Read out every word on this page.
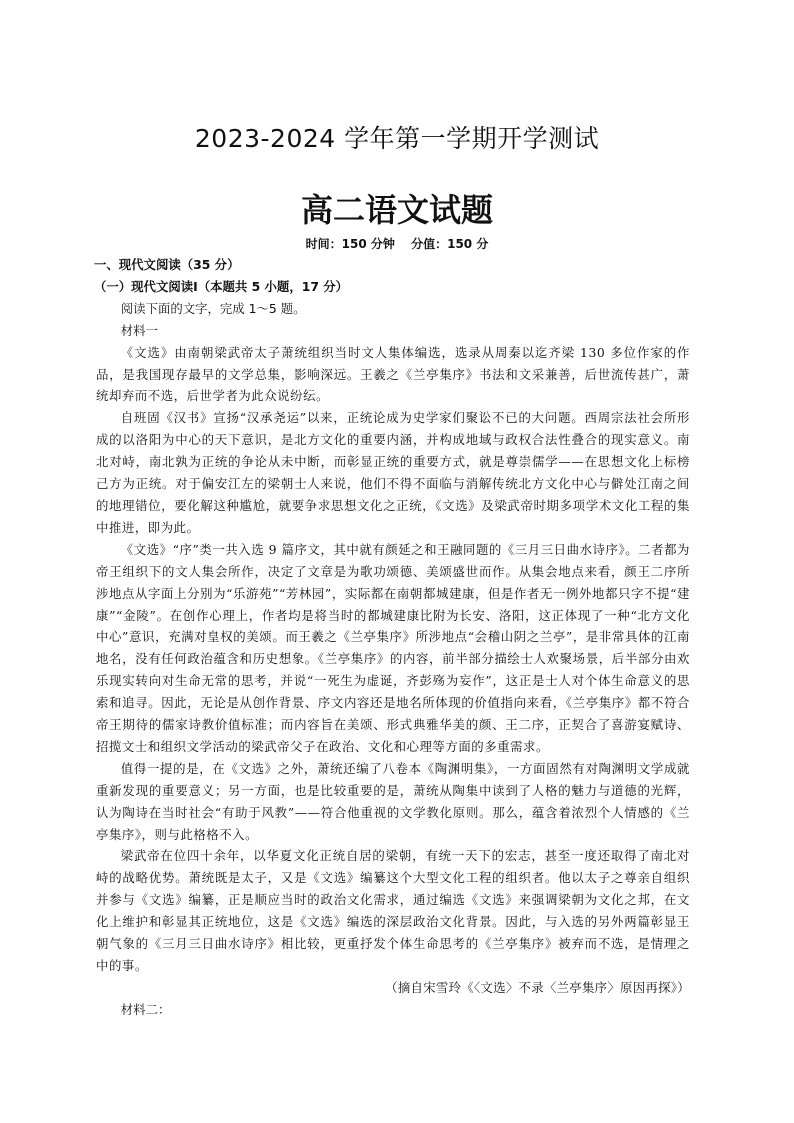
2023-2024 学年第一学期开学测试
高二语文试题
时间：150 分钟 分值：150 分

一、现代文阅读（35 分）

（一）现代文阅读Ⅰ（本题共 5 小题，17 分）

阅读下面的文字，完成 1～5 题。

材料一

《文选》由南朝梁武帝太子萧统组织当时文人集体编选，选录从周秦以迄齐梁 130 多位作家的作品，是我国现存最早的文学总集，影响深远。王羲之《兰亭集序》书法和文采兼善，后世流传甚广，萧统却弃而不选，后世学者为此众说纷纭。

自班固《汉书》宣扬“汉承尧运”以来，正统论成为史学家们聚讼不已的大问题。西周宗法社会所形成的以洛阳为中心的天下意识，是北方文化的重要内涵，并构成地域与政权合法性叠合的现实意义。南北对峙，南北孰为正统的争论从未中断，而彰显正统的重要方式，就是尊崇儒学——在思想文化上标榜己方为正统。对于偏安江左的梁朝士人来说，他们不得不面临与消解传统北方文化中心与僻处江南之间的地理错位，要化解这种尴尬，就要争求思想文化之正统，《文选》及梁武帝时期多项学术文化工程的集中推进，即为此。

《文选》“序”类一共入选 9 篇序文，其中就有颜延之和王融同题的《三月三日曲水诗序》。二者都为帝王组织下的文人集会所作，决定了文章是为歌功颂德、美颂盛世而作。从集会地点来看，颜王二序所涉地点从字面上分别为“乐游苑”“芳林园”，实际都在南朝都城建康，但是作者无一例外地都只字不提“建康”“金陵”。在创作心理上，作者均是将当时的都城建康比附为长安、洛阳，这正体现了一种“北方文化中心”意识，充满对皇权的美颂。而王羲之《兰亭集序》所涉地点“会稽山阴之兰亭”，是非常具体的江南地名，没有任何政治蕴含和历史想象。《兰亭集序》的内容，前半部分描绘士人欢聚场景，后半部分由欢乐现实转向对生命无常的思考，并说“一死生为虚诞，齐彭殇为妄作”，这正是士人对个体生命意义的思索和追寻。因此，无论是从创作背景、序文内容还是地名所体现的价值指向来看，《兰亭集序》都不符合帝王期待的儒家诗教价值标准；而内容旨在美颂、形式典雅华美的颜、王二序，正契合了喜游宴赋诗、招揽文士和组织文学活动的梁武帝父子在政治、文化和心理等方面的多重需求。

值得一提的是，在《文选》之外，萧统还编了八卷本《陶渊明集》，一方面固然有对陶渊明文学成就重新发现的重要意义；另一方面，也是比较重要的是，萧统从陶集中读到了人格的魅力与道德的光辉，认为陶诗在当时社会“有助于风教”——符合他重视的文学教化原则。那么，蕴含着浓烈个人情感的《兰亭集序》，则与此格格不入。

梁武帝在位四十余年，以华夏文化正统自居的梁朝，有统一天下的宏志，甚至一度还取得了南北对峙的战略优势。萧统既是太子，又是《文选》编纂这个大型文化工程的组织者。他以太子之尊亲自组织并参与《文选》编纂，正是顺应当时的政治文化需求，通过编选《文选》来强调梁朝为文化之邦，在文化上维护和彰显其正统地位，这是《文选》编选的深层政治文化背景。因此，与入选的另外两篇彰显王朝气象的《三月三日曲水诗序》相比较，更重抒发个体生命思考的《兰亭集序》被弃而不选，是情理之中的事。

（摘自宋雪玲《〈文选〉不录〈兰亭集序〉原因再探》）

材料二：
